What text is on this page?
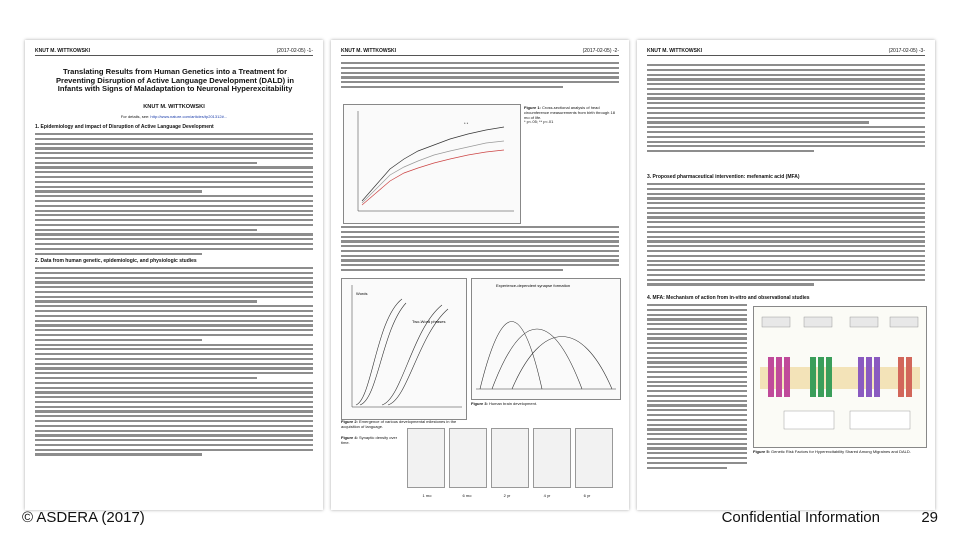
KNUT M. WITTKOWSKI	(2017-02-05) -1-
Translating Results from Human Genetics into a Treatment for Preventing Disruption of Active Language Development (DALD) in Infants with Signs of Maladaptation to Neuronal Hyperexcitability
KNUT M. WITTKOWSKI
For details, see: http://www.nature.com/articles/tp201312#...
1. Epidemiology and impact of Disruption of Active Language Development
2. Data from human genetic, epidemiologic, and physiologic studies
KNUT M. WITTKOWSKI	(2017-02-05) -2-
* *
Figure 1: Cross-sectional analysis of head circumference measurements from birth through 18 mo of life.
* p<.05; ** p<.01
Words
Two-Word phrases
Figure 2: Emergence of various developmental milestones in the acquisition of language.
Experience-dependent synapse formation
Figure 3: Human brain development.
Figure 4: Synaptic density over time.
1 mo	6 mo	2 yr	4 yr	6 yr
KNUT M. WITTKOWSKI	(2017-02-05) -3-
3. Proposed pharmaceutical intervention: mefenamic acid (MFA)
4. MFA: Mechanism of action from in-vitro and observational studies
Figure 5: Genetic Risk Factors for Hyperexcitability Shared Among Migraines and DALD.
© ASDERA (2017)	Confidential Information	29
